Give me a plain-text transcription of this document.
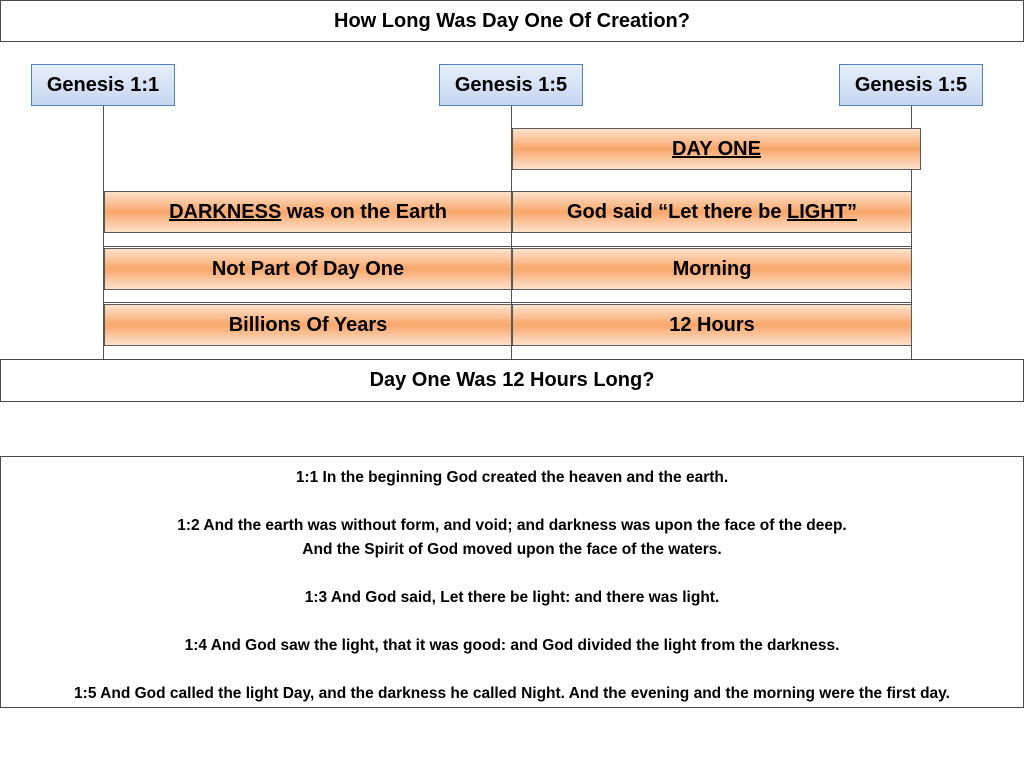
How Long Was Day One Of Creation?
Genesis 1:1	Genesis 1:5	Genesis 1:5
DAY ONE
DARKNESS was on the Earth	God said “Let there be LIGHT”
Not Part Of Day One	Morning
Billions Of Years	12 Hours
Day One Was 12 Hours Long?

1:1 In the beginning God created the heaven and the earth.

1:2 And the earth was without form, and void; and darkness was upon the face of the deep.

And the Spirit of God moved upon the face of the waters.

1:3 And God said, Let there be light: and there was light.

1:4 And God saw the light, that it was good: and God divided the light from the darkness.

1:5 And God called the light Day, and the darkness he called Night. And the evening and the morning were the first day.
